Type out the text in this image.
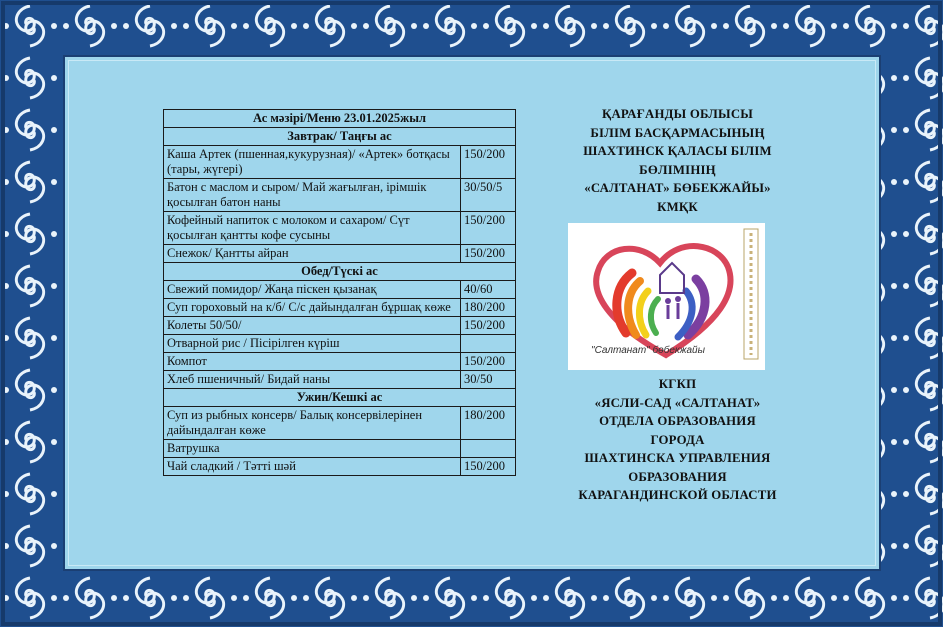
Ас мәзірі/Меню 23.01.2025жыл	
Завтрак/ Таңғы ас	
Каша Артек (пшенная,кукурузная)/ «Артек» ботқасы (тары, жүгері)	150/200
Батон с маслом и сыром/ Май жағылған, ірімшік қосылған батон наны	30/50/5
Кофейный напиток с молоком и сахаром/ Сүт қосылған қантты кофе сусыны	150/200
Снежок/ Қантты айран	150/200
Обед/Түскі ас	
Свежий помидор/ Жаңа піскен қызанақ	40/60
Суп гороховый на к/б/ С/с дайындалған бұршақ көже	180/200
Колеты 50/50/	150/200
Отварной рис / Пісірілген күріш	
Компот	150/200
Хлеб пшеничный/ Бидай наны	30/50
Ужин/Кешкі ас	
Суп из рыбных консерв/ Балық консервілерінен дайындалған көже	180/200
Ватрушка	
Чай сладкий / Тәтті шәй	150/200
ҚАРАҒАНДЫ ОБЛЫСЫ
БІЛІМ БАСҚАРМАСЫНЫҢ
ШАХТИНСК ҚАЛАСЫ БІЛІМ
БӨЛІМІНІҢ
«САЛТАНАТ» БӨБЕКЖАЙЫ»
КМҚК
"Салтанат" бөбекжайы
КГКП
«ЯСЛИ-САД «САЛТАНАТ»
ОТДЕЛА ОБРАЗОВАНИЯ
ГОРОДА
ШАХТИНСКА УПРАВЛЕНИЯ
ОБРАЗОВАНИЯ
КАРАГАНДИНСКОЙ ОБЛАСТИ
